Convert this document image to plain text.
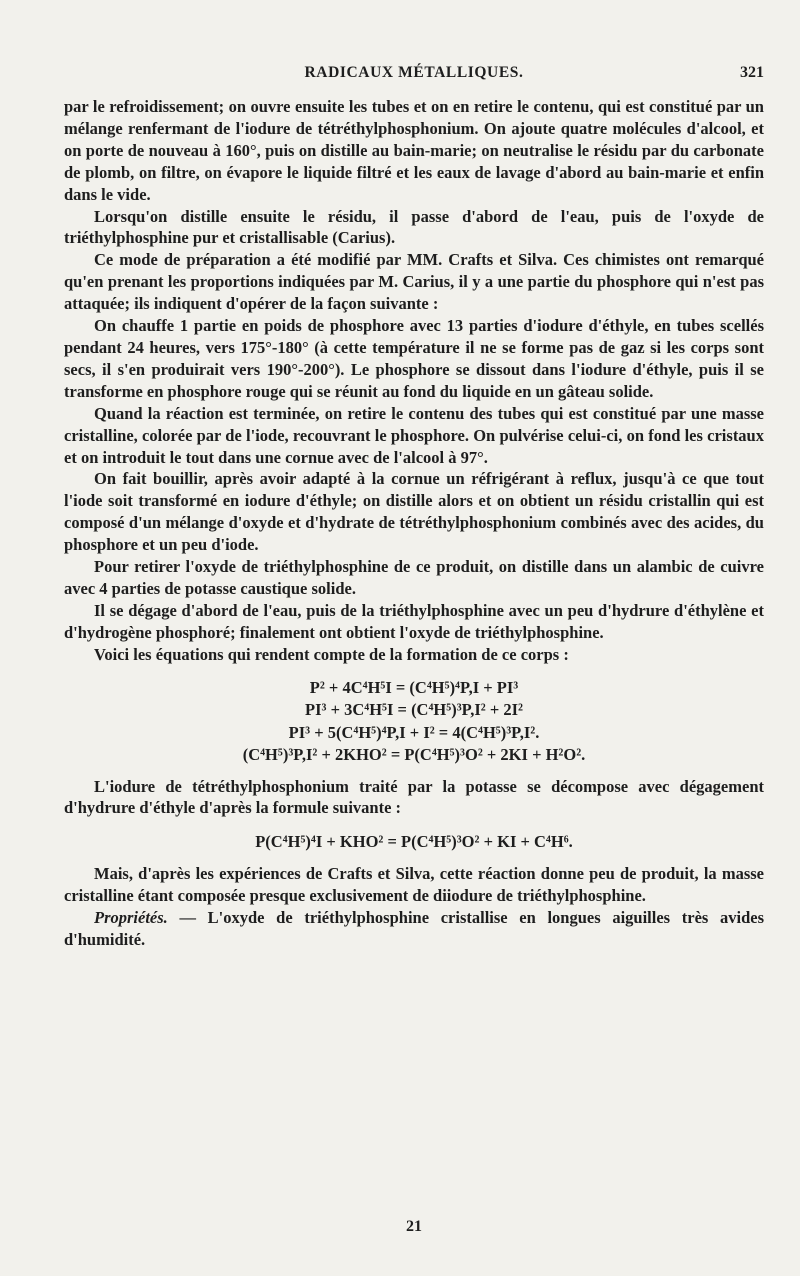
RADICAUX MÉTALLIQUES.	321

par le refroidissement; on ouvre ensuite les tubes et on en retire le contenu, qui est constitué par un mélange renfermant de l'iodure de tétréthylphosphonium. On ajoute quatre molécules d'alcool, et on porte de nouveau à 160°, puis on distille au bain-marie; on neutralise le résidu par du carbonate de plomb, on filtre, on évapore le liquide filtré et les eaux de lavage d'abord au bain-marie et enfin dans le vide.

Lorsqu'on distille ensuite le résidu, il passe d'abord de l'eau, puis de l'oxyde de triéthylphosphine pur et cristallisable (Carius).

Ce mode de préparation a été modifié par MM. Crafts et Silva. Ces chimistes ont remarqué qu'en prenant les proportions indiquées par M. Carius, il y a une partie du phosphore qui n'est pas attaquée; ils indiquent d'opérer de la façon suivante :

On chauffe 1 partie en poids de phosphore avec 13 parties d'iodure d'éthyle, en tubes scellés pendant 24 heures, vers 175°-180° (à cette température il ne se forme pas de gaz si les corps sont secs, il s'en produirait vers 190°-200°). Le phosphore se dissout dans l'iodure d'éthyle, puis il se transforme en phosphore rouge qui se réunit au fond du liquide en un gâteau solide.

Quand la réaction est terminée, on retire le contenu des tubes qui est constitué par une masse cristalline, colorée par de l'iode, recouvrant le phosphore. On pulvérise celui-ci, on fond les cristaux et on introduit le tout dans une cornue avec de l'alcool à 97°.

On fait bouillir, après avoir adapté à la cornue un réfrigérant à reflux, jusqu'à ce que tout l'iode soit transformé en iodure d'éthyle; on distille alors et on obtient un résidu cristallin qui est composé d'un mélange d'oxyde et d'hydrate de tétréthylphosphonium combinés avec des acides, du phosphore et un peu d'iode.

Pour retirer l'oxyde de triéthylphosphine de ce produit, on distille dans un alambic de cuivre avec 4 parties de potasse caustique solide.

Il se dégage d'abord de l'eau, puis de la triéthylphosphine avec un peu d'hydrure d'éthylène et d'hydrogène phosphoré; finalement ont obtient l'oxyde de triéthylphosphine.

Voici les équations qui rendent compte de la formation de ce corps :

P² + 4C⁴H⁵I = (C⁴H⁵)⁴P,I + PI³
PI³ + 3C⁴H⁵I = (C⁴H⁵)³P,I² + 2I²
PI³ + 5(C⁴H⁵)⁴P,I + I² = 4(C⁴H⁵)³P,I².
(C⁴H⁵)³P,I² + 2KHO² = P(C⁴H⁵)³O² + 2KI + H²O².

L'iodure de tétréthylphosphonium traité par la potasse se décompose avec dégagement d'hydrure d'éthyle d'après la formule suivante :

P(C⁴H⁵)⁴I + KHO² = P(C⁴H⁵)³O² + KI + C⁴H⁶.

Mais, d'après les expériences de Crafts et Silva, cette réaction donne peu de produit, la masse cristalline étant composée presque exclusivement de diiodure de triéthylphosphine.

Propriétés. — L'oxyde de triéthylphosphine cristallise en longues aiguilles très avides d'humidité.

21
